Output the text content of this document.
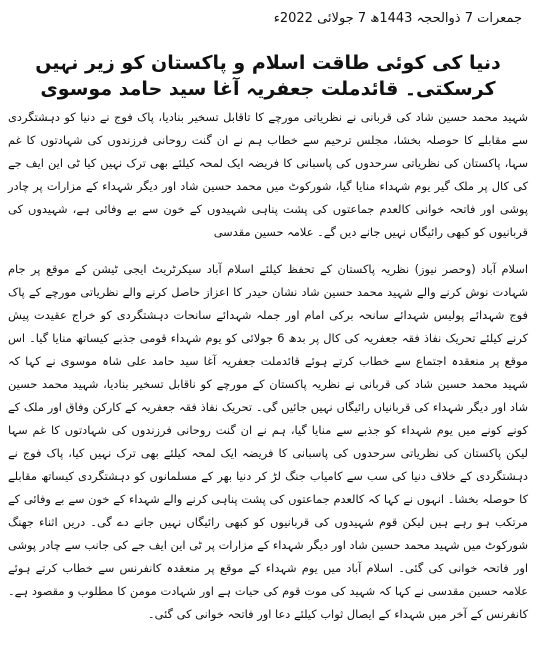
جمعرات 7 ذوالحجہ 1443ھ 7 جولائی 2022ء
دنیا کی کوئی طاقت اسلام و پاکستان کو زیر نہیں کرسکتی۔ قائدملت جعفریہ آغا سید حامد موسوی

شہید محمد حسین شاد کی قربانی نے نظریاتی مورچے کا تاقابل تسخیر بنادیا، پاک فوج نے دنیا کو دہشتگردی سے مقابلے کا حوصلہ بخشا، مجلس ترحیم سے خطاب ہم نے ان گنت روحانی فرزندوں کی شہادتوں کا غم سہا، پاکستان کی نظریاتی سرحدوں کی پاسبانی کا فریضہ ایک لمحہ کیلئے بھی ترک نہیں کیا ٹی این ایف جے کی کال پر ملک گیر یوم شہداء منایا گیا، شورکوٹ میں محمد حسین شاد اور دیگر شہداء کے مزارات پر چادر پوشی اور فاتحہ خوانی کالعدم جماعتوں کی پشت پناہی شہیدوں کے خون سے بے وفائی ہے، شہیدوں کی قربانیوں کو کبھی رائیگاں نہیں جانے دیں گے۔ علامہ حسین مقدسی

اسلام آباد (وحصر نیوز) نظریہ پاکستان کے تحفظ کیلئے اسلام آباد سیکرٹریٹ ایجی ٹیشن کے موقع پر جام شہادت نوش کرنے والے شہید محمد حسین شاد نشان حیدر کا اعزاز حاصل کرنے والے نظریاتی مورچے کے پاک فوج شہدائے پولیس شہدائے سانحہ برکی امام اور جملہ شہدائے سانحات دہشتگردی کو خراج عقیدت پیش کرنے کیلئے تحریک نفاذ فقہ جعفریہ کی کال پر بدھ 6 جولائی کو یوم شہداء قومی جذبے کیساتھ منایا گیا۔ اس موقع پر منعقدہ اجتماع سے خطاب کرتے ہوئے قائدملت جعفریہ آغا سید حامد علی شاہ موسوی نے کہا کہ شہید محمد حسین شاد کی قربانی نے نظریہ پاکستان کے مورچے کو ناقابل تسخیر بنادیا، شہید محمد حسین شاد اور دیگر شہداء کی قربانیاں رائیگاں نہیں جائیں گی۔ تحریک نفاذ فقہ جعفریہ کے کارکن وفاق اور ملک کے کونے کونے میں یوم شہداء کو جذبے سے منایا گیا، ہم نے ان گنت روحانی فرزندوں کی شہادتوں کا غم سہا لیکن پاکستان کی نظریاتی سرحدوں کی پاسبانی کا فریضہ ایک لمحہ کیلئے بھی ترک نہیں کیا، پاک فوج نے دہشتگردی کے خلاف دنیا کی سب سے کامیاب جنگ لڑ کر دنیا بھر کے مسلمانوں کو دہشتگردی کیساتھ مقابلے کا حوصلہ بخشا۔ انہوں نے کہا کہ کالعدم جماعتوں کی پشت پناہی کرنے والے شہداء کے خون سے بے وفائی کے مرتکب ہو رہے ہیں لیکن قوم شہیدوں کی قربانیوں کو کبھی رائیگاں نہیں جانے دے گی۔ دریں اثناء جھنگ شورکوٹ میں شہید محمد حسین شاد اور دیگر شہداء کے مزارات پر ٹی این ایف جے کی جانب سے چادر پوشی اور فاتحہ خوانی کی گئی۔ اسلام آباد میں یوم شہداء کے موقع پر منعقدہ کانفرنس سے خطاب کرتے ہوئے علامہ حسین مقدسی نے کہا کہ شہید کی موت قوم کی حیات ہے اور شہادت مومن کا مطلوب و مقصود ہے۔ کانفرنس کے آخر میں شہداء کے ایصال ثواب کیلئے دعا اور فاتحہ خوانی کی گئی۔
